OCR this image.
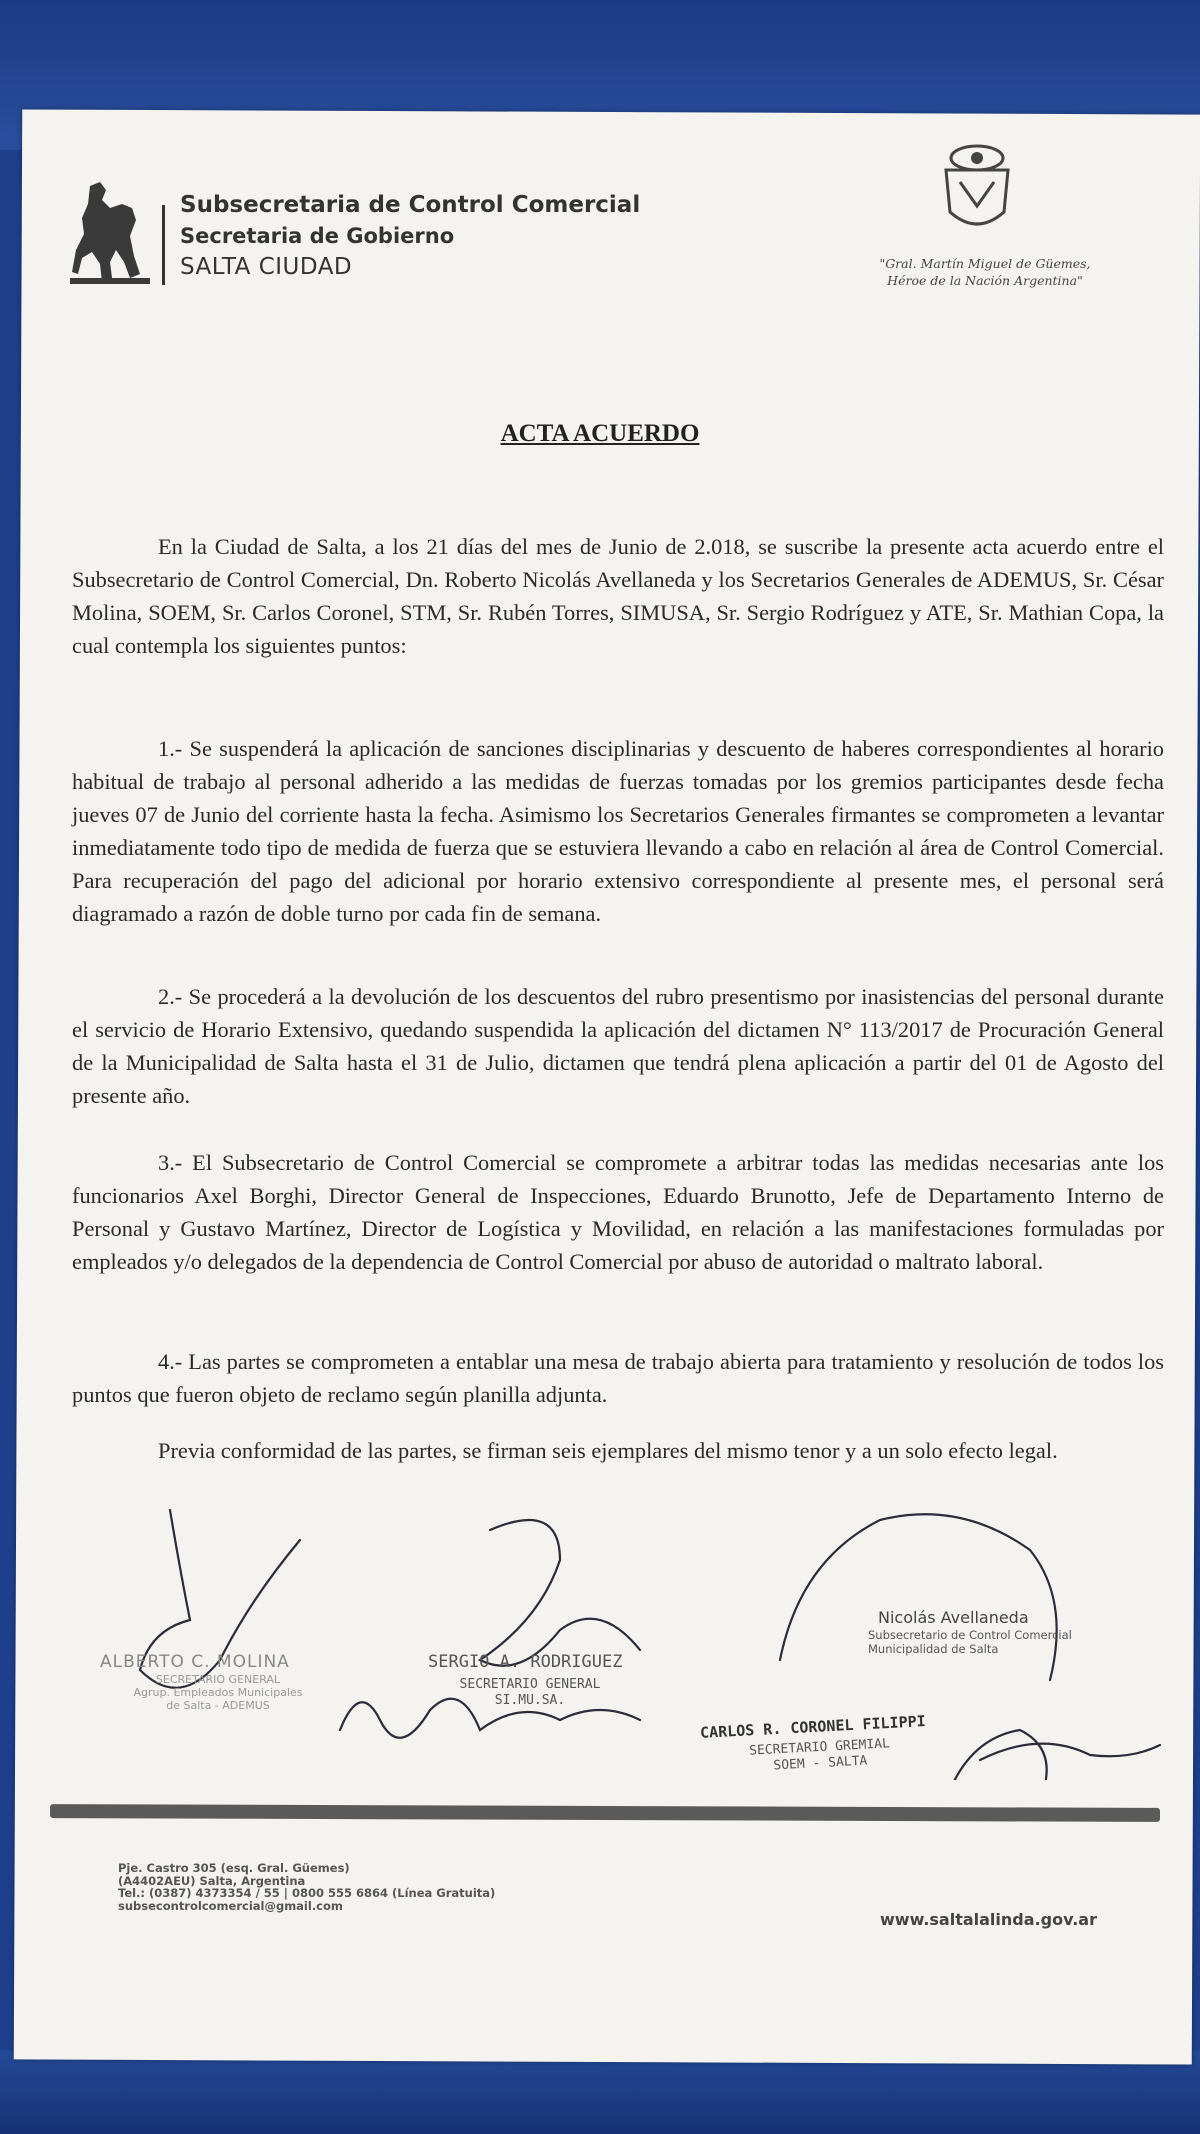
Subsecretaria de Control Comercial
Secretaria de Gobierno
SALTA CIUDAD	"Gral. Martín Miguel de Güemes,
Héroe de la Nación Argentina"
ACTA ACUERDO

En la Ciudad de Salta, a los 21 días del mes de Junio de 2.018, se suscribe la presente acta acuerdo entre el Subsecretario de Control Comercial, Dn. Roberto Nicolás Avellaneda y los Secretarios Generales de ADEMUS, Sr. César Molina, SOEM, Sr. Carlos Coronel, STM, Sr. Rubén Torres, SIMUSA, Sr. Sergio Rodríguez y ATE, Sr. Mathian Copa, la cual contempla los siguientes puntos:

1.- Se suspenderá la aplicación de sanciones disciplinarias y descuento de haberes correspondientes al horario habitual de trabajo al personal adherido a las medidas de fuerzas tomadas por los gremios participantes desde fecha jueves 07 de Junio del corriente hasta la fecha. Asimismo los Secretarios Generales firmantes se comprometen a levantar inmediatamente todo tipo de medida de fuerza que se estuviera llevando a cabo en relación al área de Control Comercial. Para recuperación del pago del adicional por horario extensivo correspondiente al presente mes, el personal será diagramado a razón de doble turno por cada fin de semana.

2.- Se procederá a la devolución de los descuentos del rubro presentismo por inasistencias del personal durante el servicio de Horario Extensivo, quedando suspendida la aplicación del dictamen N° 113/2017 de Procuración General de la Municipalidad de Salta hasta el 31 de Julio, dictamen que tendrá plena aplicación a partir del 01 de Agosto del presente año.

3.- El Subsecretario de Control Comercial se compromete a arbitrar todas las medidas necesarias ante los funcionarios Axel Borghi, Director General de Inspecciones, Eduardo Brunotto, Jefe de Departamento Interno de Personal y Gustavo Martínez, Director de Logística y Movilidad, en relación a las manifestaciones formuladas por empleados y/o delegados de la dependencia de Control Comercial por abuso de autoridad o maltrato laboral.

4.- Las partes se comprometen a entablar una mesa de trabajo abierta para tratamiento y resolución de todos los puntos que fueron objeto de reclamo según planilla adjunta.

Previa conformidad de las partes, se firman seis ejemplares del mismo tenor y a un solo efecto legal.

ALBERTO C. MOLINA
SECRETARIO GENERAL
Agrup. Empleados Municipales
de Salta - ADEMUS
SERGIO A. RODRIGUEZ
SECRETARIO GENERAL
SI.MU.SA.
Nicolás Avellaneda
Subsecretario de Control Comercial
Municipalidad de Salta
CARLOS R. CORONEL FILIPPI
SECRETARIO GREMIAL
SOEM - SALTA
Pje. Castro 305 (esq. Gral. Güemes)
(A4402AEU) Salta, Argentina
Tel.: (0387) 4373354 / 55 | 0800 555 6864 (Línea Gratuita)
subsecontrolcomercial@gmail.com
www.saltalalinda.gov.ar
